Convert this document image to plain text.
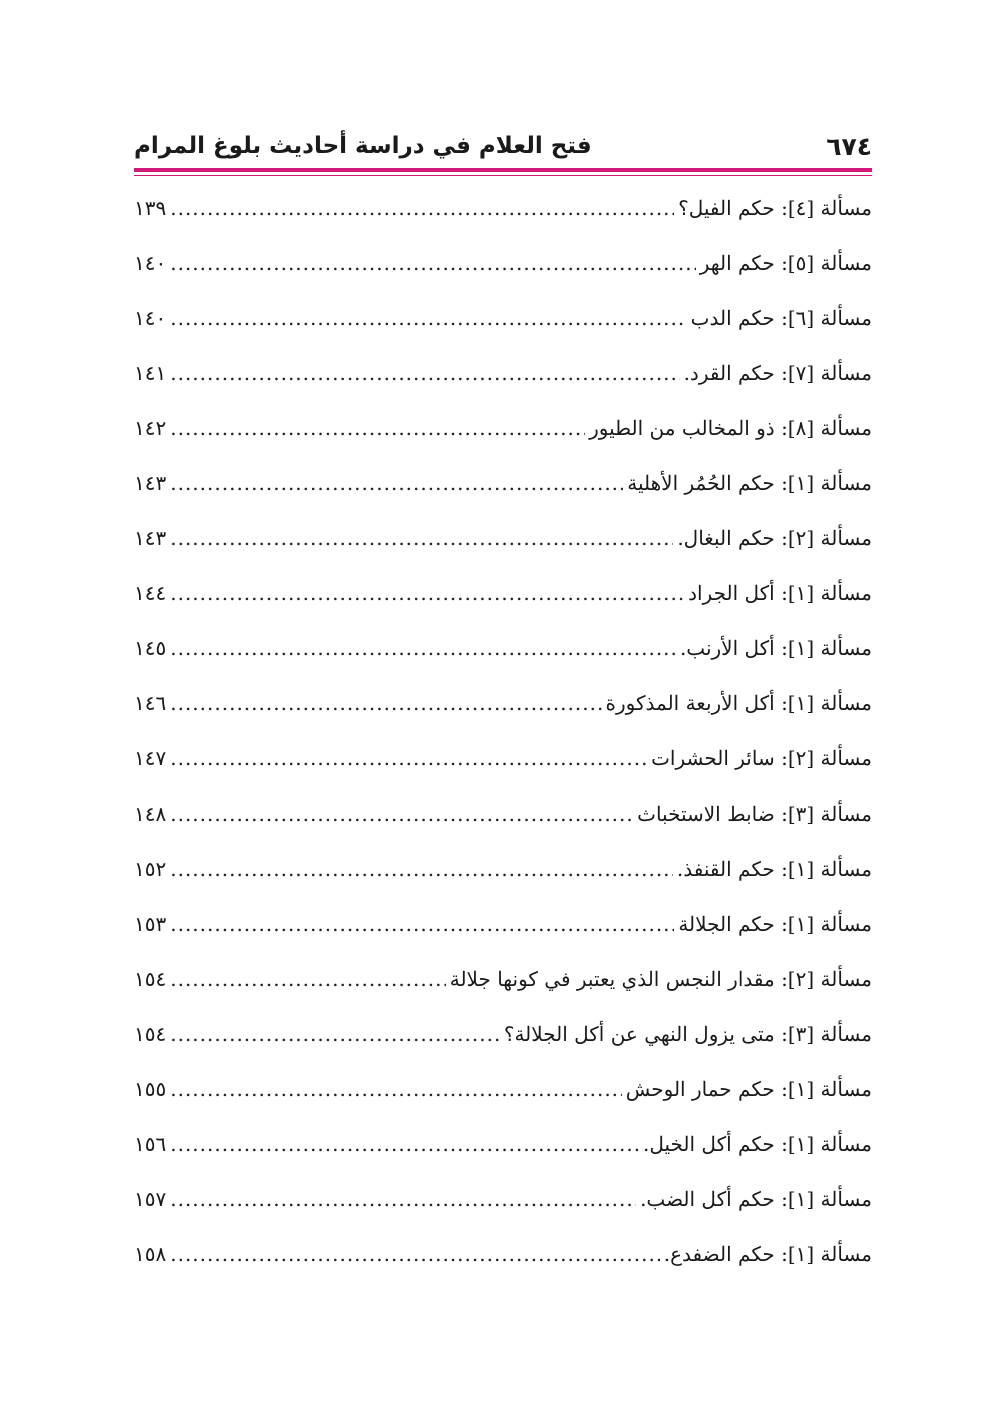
٦٧٤
فتح العلام في دراسة أحاديث بلوغ المرام
مسألة [٤]: حكم الفيل؟
.....
١٣٩
مسألة [٥]: حكم الهر
.....
١٤٠
مسألة [٦]: حكم الدب
.....
١٤٠
مسألة [٧]: حكم القرد.
.....
١٤١
مسألة [٨]: ذو المخالب من الطيور
.....
١٤٢
مسألة [١]: حكم الحُمُر الأهلية
.....
١٤٣
مسألة [٢]: حكم البغال.
.....
١٤٣
مسألة [١]: أكل الجراد
.....
١٤٤
مسألة [١]: أكل الأرنب.
.....
١٤٥
مسألة [١]: أكل الأربعة المذكورة
.....
١٤٦
مسألة [٢]: سائر الحشرات
.....
١٤٧
مسألة [٣]: ضابط الاستخباث
.....
١٤٨
مسألة [١]: حكم القنفذ.
.....
١٥٢
مسألة [١]: حكم الجلالة
.....
١٥٣
مسألة [٢]: مقدار النجس الذي يعتبر في كونها جلالة
.....
١٥٤
مسألة [٣]: متى يزول النهي عن أكل الجلالة؟
.....
١٥٤
مسألة [١]: حكم حمار الوحش
.....
١٥٥
مسألة [١]: حكم أكل الخيل.
.....
١٥٦
مسألة [١]: حكم أكل الضب.
.....
١٥٧
مسألة [١]: حكم الضفدع.
.....
١٥٨
